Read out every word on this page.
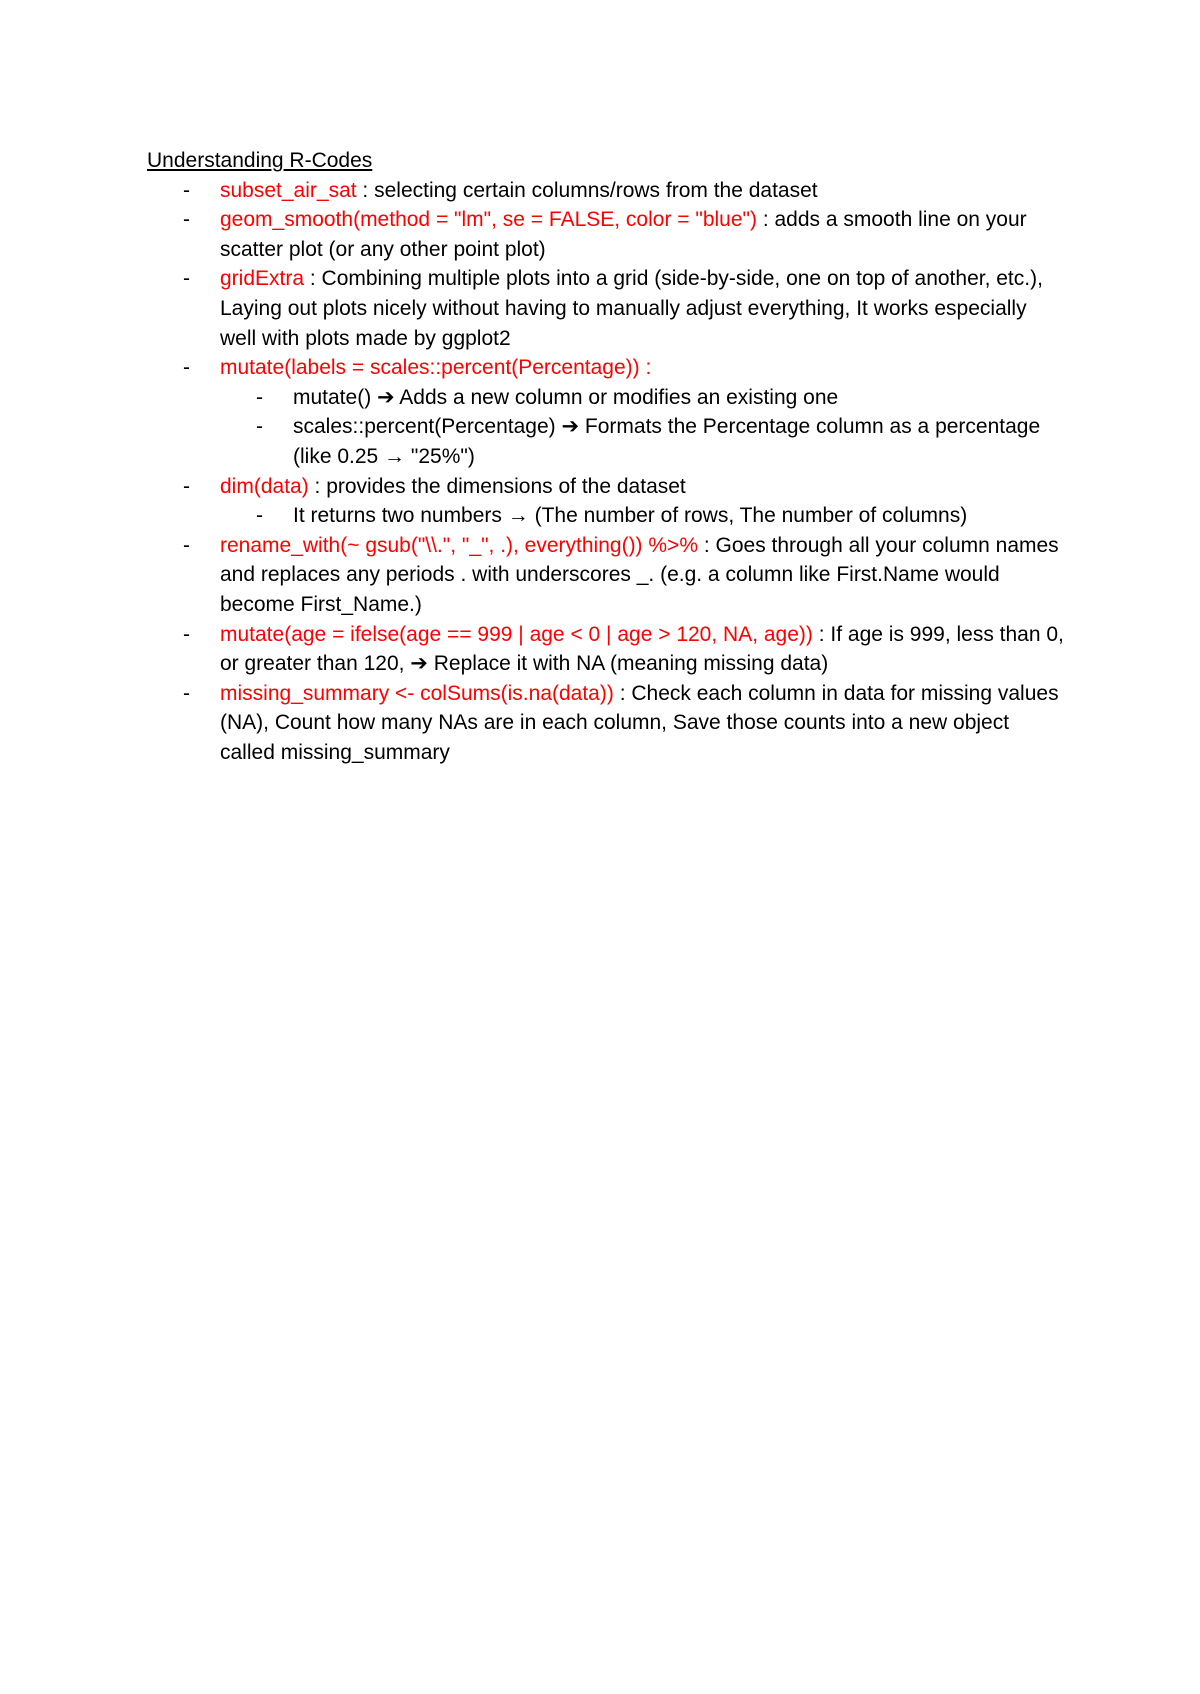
Understanding R-Codes
- subset_air_sat : selecting certain columns/rows from the dataset
- geom_smooth(method = "lm", se = FALSE, color = "blue") : adds a smooth line on your scatter plot (or any other point plot)
- gridExtra : Combining multiple plots into a grid (side-by-side, one on top of another, etc.), Laying out plots nicely without having to manually adjust everything, It works especially well with plots made by ggplot2
- mutate(labels = scales::percent(Percentage)) :
- mutate() ➔ Adds a new column or modifies an existing one
- scales::percent(Percentage) ➔ Formats the Percentage column as a percentage (like 0.25 → "25%")
- dim(data) : provides the dimensions of the dataset
- It returns two numbers → (The number of rows, The number of columns)
- rename_with(~ gsub("\\.", "_", .), everything()) %>% : Goes through all your column names and replaces any periods . with underscores _. (e.g. a column like First.Name would become First_Name.)
- mutate(age = ifelse(age == 999 | age < 0 | age > 120, NA, age)) : If age is 999, less than 0, or greater than 120, ➔ Replace it with NA (meaning missing data)
- missing_summary <- colSums(is.na(data)) : Check each column in data for missing values (NA), Count how many NAs are in each column, Save those counts into a new object called missing_summary
